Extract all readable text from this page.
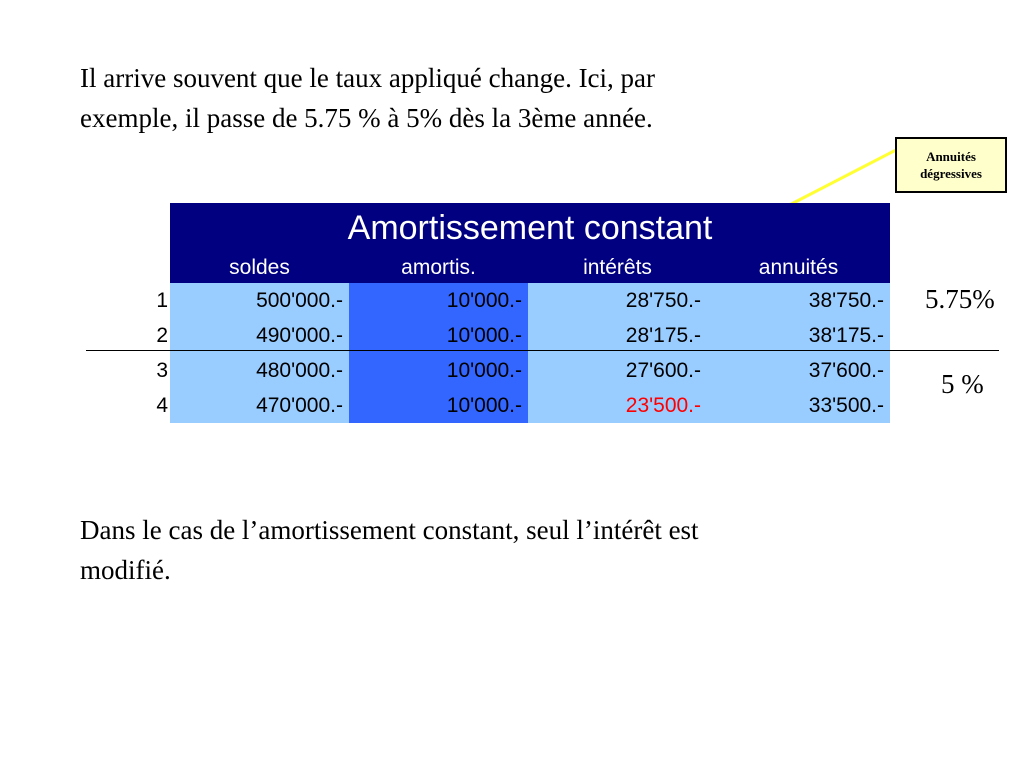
Il arrive souvent que le taux appliqué change. Ici, par
exemple, il passe de 5.75 % à 5% dès la 3ème année.
Annuités
dégressives
	Amortissement constant			
	soldes	amortis.	intérêts	annuités
1	500'000.-	10'000.-	28'750.-	38'750.-
2	490'000.-	10'000.-	28'175.-	38'175.-
3	480'000.-	10'000.-	27'600.-	37'600.-
4	470'000.-	10'000.-	23'500.-	33'500.-
5.75%
5 %
Dans le cas de l’amortissement constant, seul l’intérêt est
modifié.
